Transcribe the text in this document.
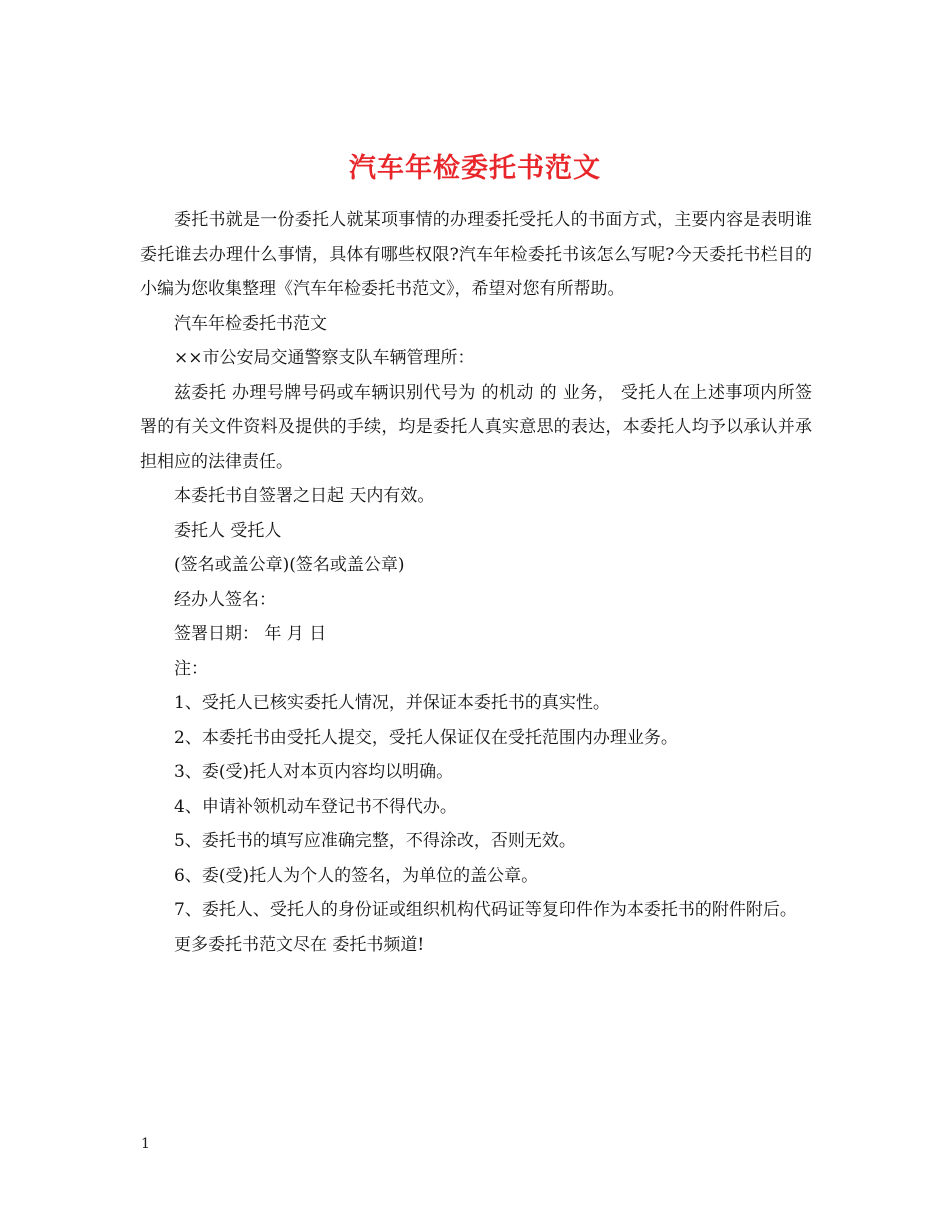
汽车年检委托书范文

委托书就是一份委托人就某项事情的办理委托受托人的书面方式，主要内容是表明谁委托谁去办理什么事情，具体有哪些权限?汽车年检委托书该怎么写呢?今天委托书栏目的小编为您收集整理《汽车年检委托书范文》，希望对您有所帮助。

汽车年检委托书范文

××市公安局交通警察支队车辆管理所：

兹委托 办理号牌号码或车辆识别代号为 的机动 的 业务， 受托人在上述事项内所签署的有关文件资料及提供的手续，均是委托人真实意思的表达，本委托人均予以承认并承担相应的法律责任。

本委托书自签署之日起 天内有效。

委托人 受托人

(签名或盖公章)(签名或盖公章)

经办人签名：

签署日期： 年 月 日

注：

1、受托人已核实委托人情况，并保证本委托书的真实性。

2、本委托书由受托人提交，受托人保证仅在受托范围内办理业务。

3、委(受)托人对本页内容均以明确。

4、申请补领机动车登记书不得代办。

5、委托书的填写应准确完整，不得涂改，否则无效。

6、委(受)托人为个人的签名，为单位的盖公章。

7、委托人、受托人的身份证或组织机构代码证等复印件作为本委托书的附件附后。

更多委托书范文尽在 委托书频道!

1
